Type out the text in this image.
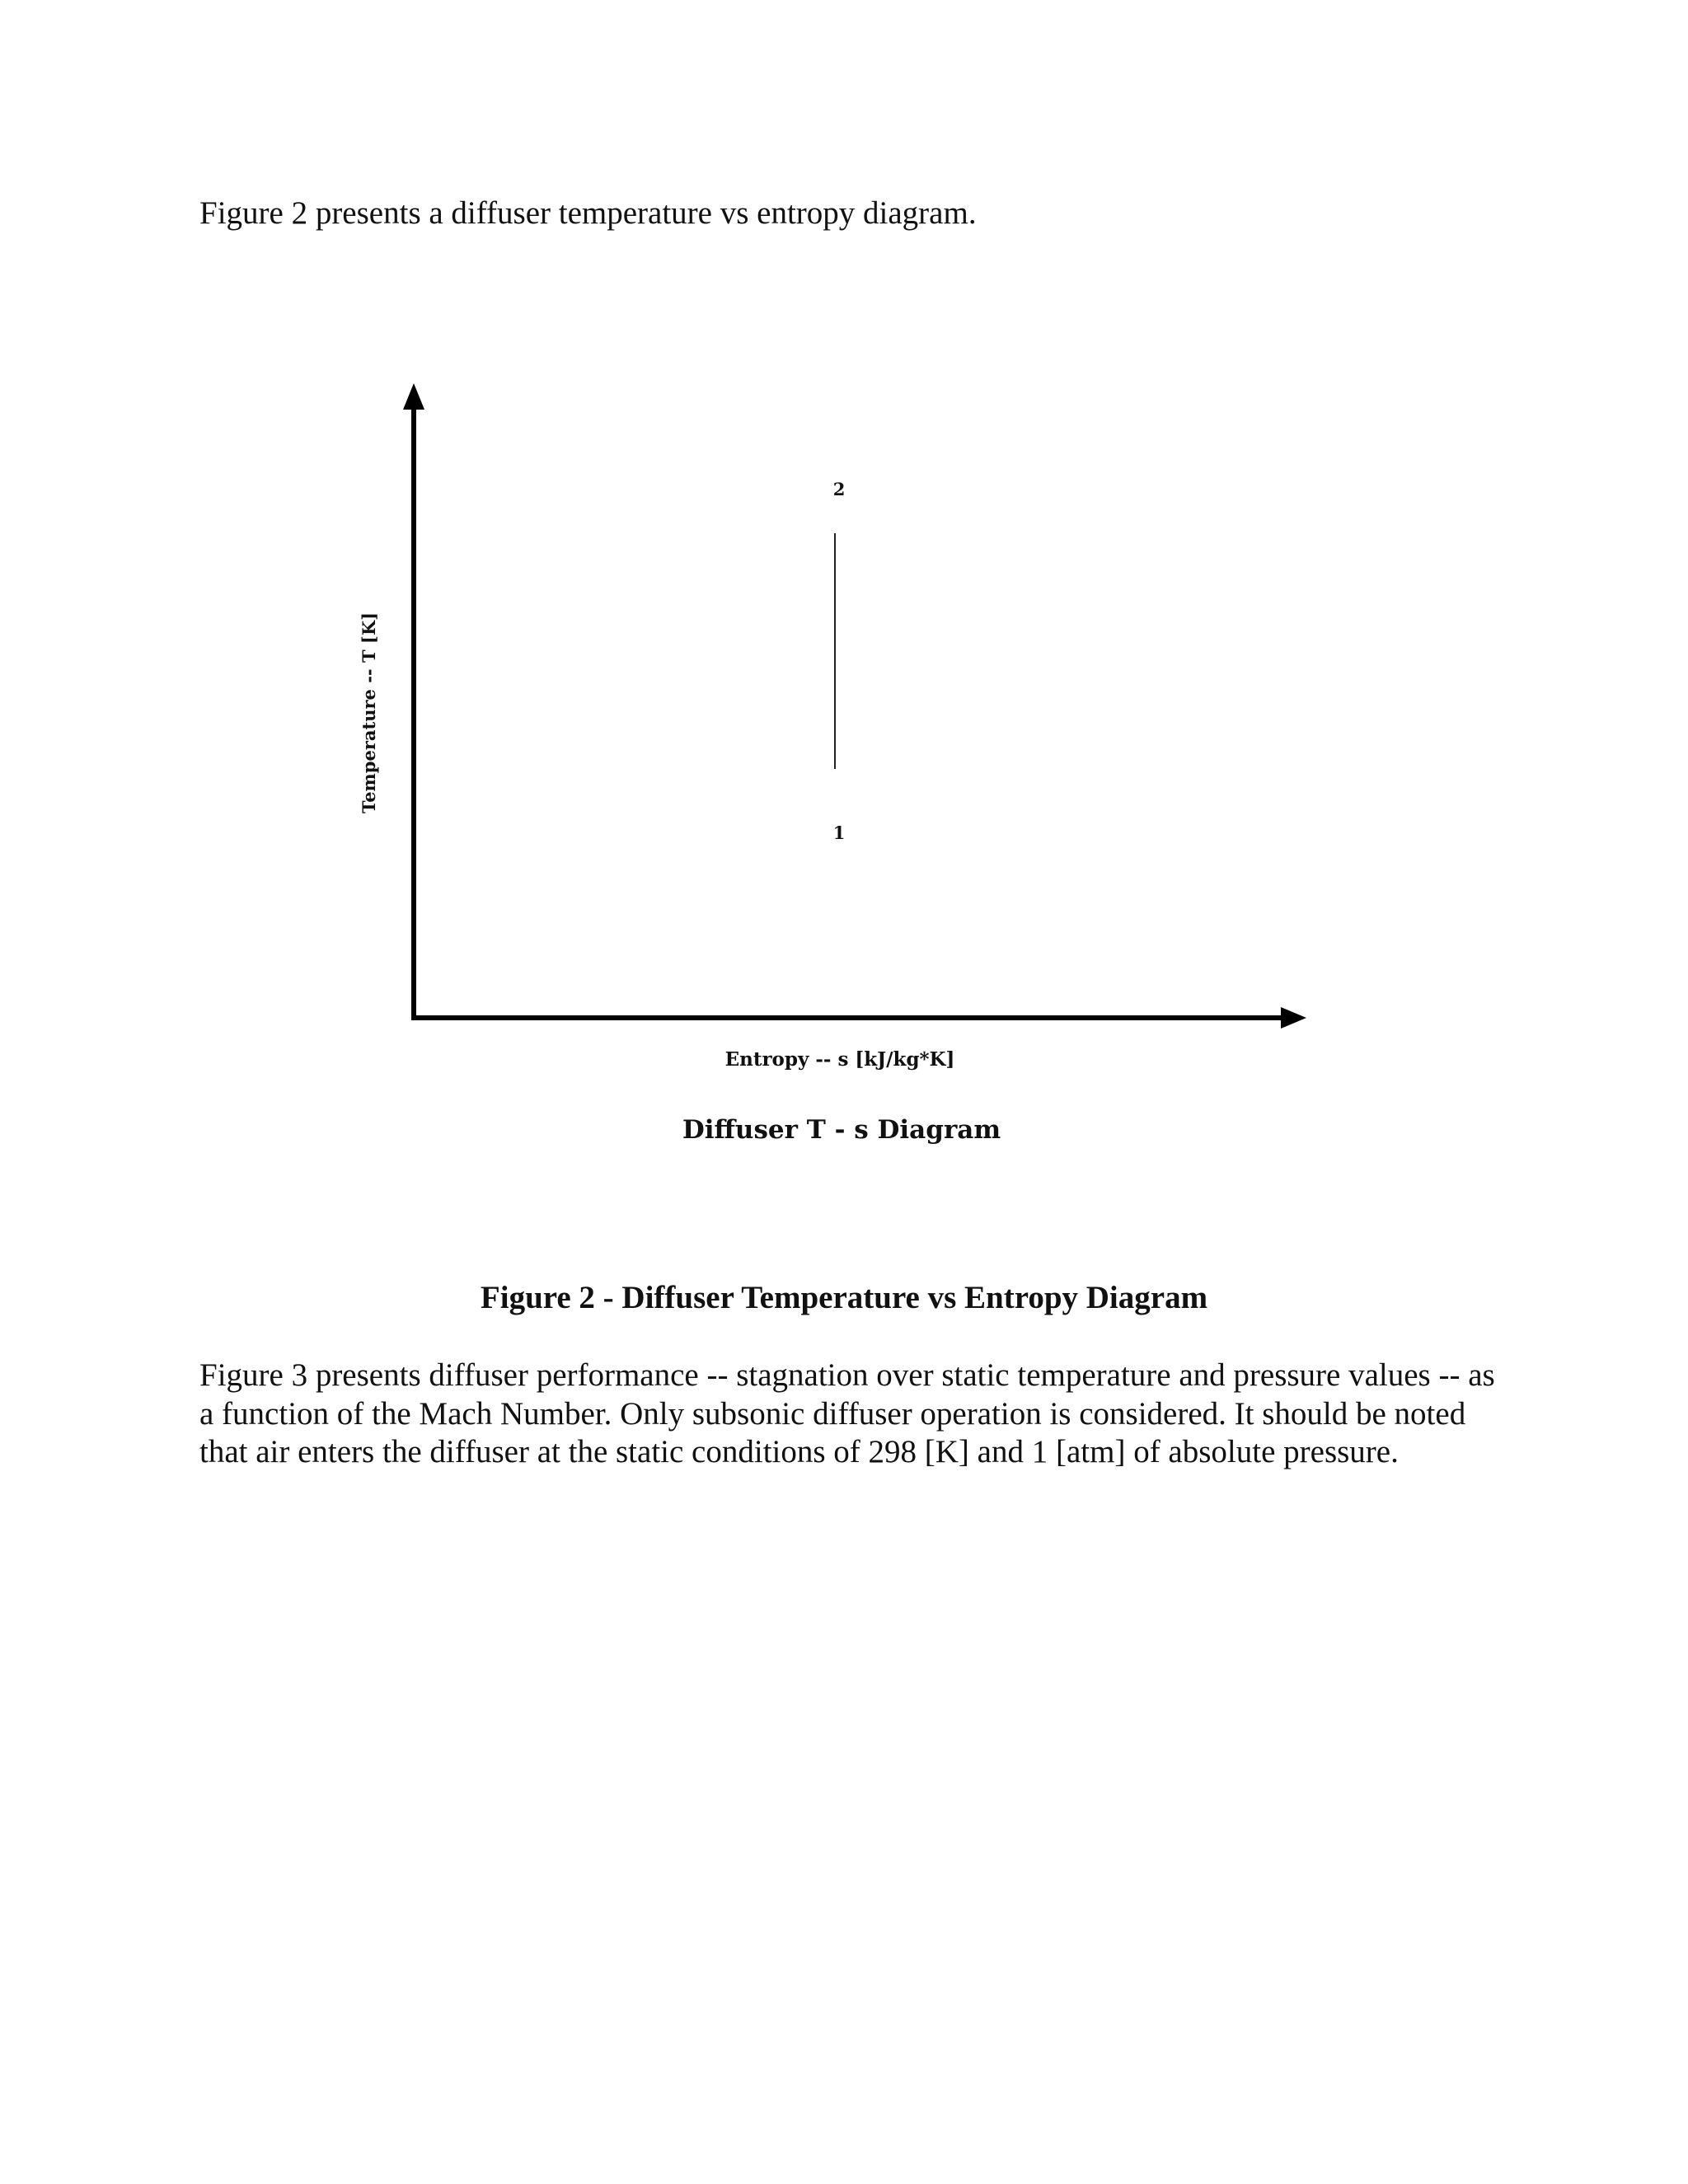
Figure 2 presents a diffuser temperature vs entropy diagram.

Temperature -- T [K]
2
1
Entropy -- s [kJ/kg*K]
Diffuser T - s Diagram

Figure 2 - Diffuser Temperature vs Entropy Diagram

Figure 3 presents diffuser performance -- stagnation over static temperature and pressure values -- as a function of the Mach Number. Only subsonic diffuser operation is considered. It should be noted that air enters the diffuser at the static conditions of 298 [K] and 1 [atm] of absolute pressure.
